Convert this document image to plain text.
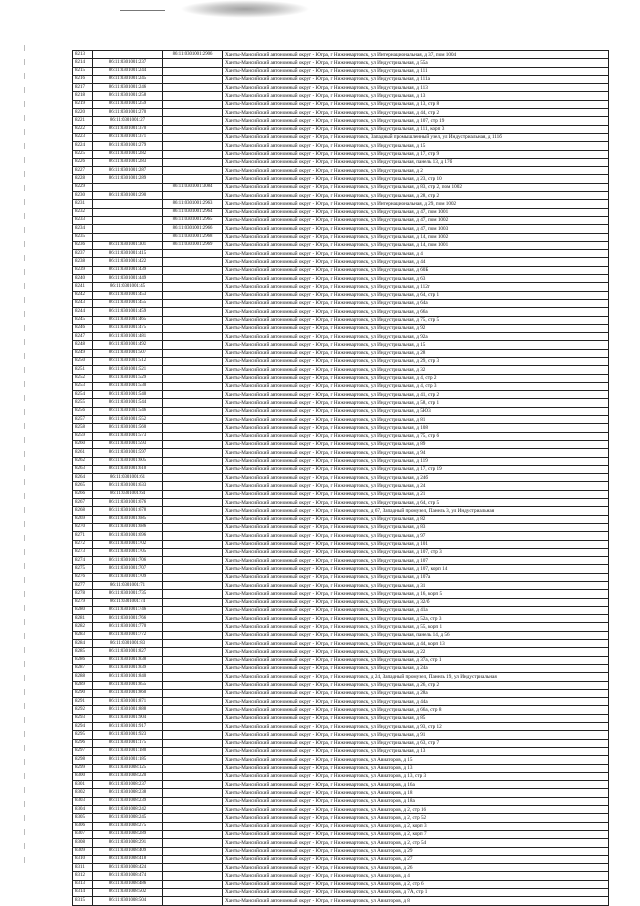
8213		86:11:0301001:2906	Ханты-Мансийский автономный округ - Югра, г Нижневартовск, ул Интернациональная, д 37, пом 1004
8214	86:11:0301001:237		Ханты-Мансийский автономный округ - Югра, г Нижневартовск, ул Индустриальная, д 55а
8215	86:11:0301001:244		Ханты-Мансийский автономный округ - Югра, г Нижневартовск, ул Индустриальная, д 111
8216	86:11:0301001:245		Ханты-Мансийский автономный округ - Югра, г Нижневартовск, ул Индустриальная, д 111а
8217	86:11:0301001:246		Ханты-Мансийский автономный округ - Югра, г Нижневартовск, ул Индустриальная, д 113
8218	86:11:0301001:258		Ханты-Мансийский автономный округ - Югра, г Нижневартовск, ул Индустриальная, д 13
8219	86:11:0301001:259		Ханты-Мансийский автономный округ - Югра, г Нижневартовск, ул Индустриальная, д 13, стр 8
8220	86:11:0301001:270		Ханты-Мансийский автономный округ - Югра, г Нижневартовск, ул Индустриальная, д 44, стр 2
8221	86:11:0301001:27		Ханты-Мансийский автономный округ - Югра, г Нижневартовск, ул Индустриальная, д 107, стр 19
8222	86:11:0301001:370		Ханты-Мансийский автономный округ - Югра, г Нижневартовск, ул Индустриальная, д 111, корп 3
8223	86:11:0301001:371		Ханты-Мансийский автономный округ - Югра, г Нижневартовск, Западный промышленный узел, ул Индустриальная, д 111б
8224	86:11:0301001:279		Ханты-Мансийский автономный округ - Югра, г Нижневартовск, ул Индустриальная, д 15
8225	86:11:0301001:282		Ханты-Мансийский автономный округ - Югра, г Нижневартовск, ул Индустриальная, д 17, стр 9
8226	86:11:0301001:283		Ханты-Мансийский автономный округ - Югра, г Нижневартовск, ул Индустриальная, панель 13, д 17б
8227	86:11:0301001:287		Ханты-Мансийский автономный округ - Югра, г Нижневартовск, ул Индустриальная, д 2
8228	86:11:0301001:289		Ханты-Мансийский автономный округ - Югра, г Нижневартовск, ул Индустриальная, д 23, стр 10
8229		86:11:0301001:3084	Ханты-Мансийский автономный округ - Югра, г Нижневартовск, ул Индустриальная, д 83, стр 2, пом 1002
8230	86:11:0301001:290		Ханты-Мансийский автономный округ - Югра, г Нижневартовск, ул Индустриальная, д 28, стр 2
8231		86:11:0301001:2963	Ханты-Мансийский автономный округ - Югра, г Нижневартовск, ул Интернациональная, д 29, пом 1002
8232		86:11:0301001:2964	Ханты-Мансийский автономный округ - Югра, г Нижневартовск, ул Индустриальная, д 47, пом 1001
8233		86:11:0301001:2965	Ханты-Мансийский автономный округ - Югра, г Нижневартовск, ул Индустриальная, д 47, пом 1002
8234		86:11:0301001:2966	Ханты-Мансийский автономный округ - Югра, г Нижневартовск, ул Индустриальная, д 47, пом 1003
8235		86:11:0301001:2968	Ханты-Мансийский автономный округ - Югра, г Нижневартовск, ул Индустриальная, д 14, пом 1002
8236	86:11:0301001:301	86:11:0301001:2969	Ханты-Мансийский автономный округ - Югра, г Нижневартовск, ул Индустриальная, д 14, пом 1001
8237	86:11:0301001:415		Ханты-Мансийский автономный округ - Югра, г Нижневартовск, ул Индустриальная, д 4
8238	86:11:0301001:422		Ханты-Мансийский автономный округ - Югра, г Нижневартовск, ул Индустриальная, д 44
8239	86:11:0301001:439		Ханты-Мансийский автономный округ - Югра, г Нижневартовск, ул Индустриальная, д 60Б
8240	86:11:0301001:449		Ханты-Мансийский автономный округ - Югра, г Нижневартовск, ул Индустриальная, д 63
8241	86:11:0301001:45		Ханты-Мансийский автономный округ - Югра, г Нижневартовск, ул Индустриальная, д 112г
8242	86:11:0301001:453		Ханты-Мансийский автономный округ - Югра, г Нижневартовск, ул Индустриальная, д 64, стр 1
8243	86:11:0301001:455		Ханты-Мансийский автономный округ - Югра, г Нижневартовск, ул Индустриальная, д 64а
8244	86:11:0301001:459		Ханты-Мансийский автономный округ - Югра, г Нижневартовск, ул Индустриальная, д 66а
8245	86:11:0301001:465		Ханты-Мансийский автономный округ - Югра, г Нижневартовск, ул Индустриальная, д 75, стр 5
8246	86:11:0301001:475		Ханты-Мансийский автономный округ - Югра, г Нижневартовск, ул Индустриальная, д 92
8247	86:11:0301001:481		Ханты-Мансийский автономный округ - Югра, г Нижневартовск, ул Индустриальная, д 92а
8248	86:11:0301001:492		Ханты-Мансийский автономный округ - Югра, г Нижневартовск, ул Индустриальная, д 15
8249	86:11:0301001:507		Ханты-Мансийский автономный округ - Югра, г Нижневартовск, ул Индустриальная, д 28
8250	86:11:0301001:512		Ханты-Мансийский автономный округ - Югра, г Нижневартовск, ул Индустриальная, д 29, стр 3
8251	86:11:0301001:521		Ханты-Мансийский автономный округ - Югра, г Нижневартовск, ул Индустриальная, д 32
8252	86:11:0301001:529		Ханты-Мансийский автономный округ - Югра, г Нижневартовск, ул Индустриальная, д 4, стр 2
8253	86:11:0301001:530		Ханты-Мансийский автономный округ - Югра, г Нижневартовск, ул Индустриальная, д 4, стр 3
8254	86:11:0301001:540		Ханты-Мансийский автономный округ - Югра, г Нижневартовск, ул Индустриальная, д 41, стр 2
8255	86:11:0301001:544		Ханты-Мансийский автономный округ - Югра, г Нижневартовск, ул Индустриальная, д 58, стр 1
8256	86:11:0301001:546		Ханты-Мансийский автономный округ - Югра, г Нижневартовск, ул Индустриальная, д 5Ю3
8257	86:11:0301001:552		Ханты-Мансийский автономный округ - Югра, г Нижневартовск, ул Индустриальная, д 81
8258	86:11:0301001:560		Ханты-Мансийский автономный округ - Югра, г Нижневартовск, ул Индустриальная, д 108
8259	86:11:0301001:573		Ханты-Мансийский автономный округ - Югра, г Нижневартовск, ул Индустриальная, д 75, стр 6
8260	86:11:0301001:593		Ханты-Мансийский автономный округ - Югра, г Нижневартовск, ул Индустриальная, д 89
8261	86:11:0301001:597		Ханты-Мансийский автономный округ - Югра, г Нижневартовск, ул Индустриальная, д 94
8262	86:11:0301001:605		Ханты-Мансийский автономный округ - Югра, г Нижневартовск, ул Индустриальная, д 119
8263	86:11:0301001:610		Ханты-Мансийский автономный округ - Югра, г Нижневартовск, ул Индустриальная, д 17, стр 19
8264	86:11:0301001:61		Ханты-Мансийский автономный округ - Югра, г Нижневартовск, ул Индустриальная, д 24б
8265	86:11:0301001:633		Ханты-Мансийский автономный округ - Югра, г Нижневартовск, ул Индустриальная, д 24
8266	86:11:0301001:64		Ханты-Мансийский автономный округ - Югра, г Нижневартовск, ул Индустриальная, д 21
8267	86:11:0301001:676		Ханты-Мансийский автономный округ - Югра, г Нижневартовск, ул Индустриальная, д 64, стр 5
8268	86:11:0301001:678		Ханты-Мансийский автономный округ - Югра, г Нижневартовск, д 67, Западный промузел, Панель 3, ул Индустриальная
8269	86:11:0301001:685		Ханты-Мансийский автономный округ - Югра, г Нижневартовск, ул Индустриальная, д 82
8270	86:11:0301001:686		Ханты-Мансийский автономный округ - Югра, г Нижневартовск, ул Индустриальная, д 83
8271	86:11:0301001:696		Ханты-Мансийский автономный округ - Югра, г Нижневартовск, ул Индустриальная, д 97
8272	86:11:0301001:702		Ханты-Мансийский автономный округ - Югра, г Нижневартовск, ул Индустриальная, д 101
8273	86:11:0301001:705		Ханты-Мансийский автономный округ - Югра, г Нижневартовск, ул Индустриальная, д 107, стр 3
8274	86:11:0301001:706		Ханты-Мансийский автономный округ - Югра, г Нижневартовск, ул Индустриальная, д 107
8275	86:11:0301001:707		Ханты-Мансийский автономный округ - Югра, г Нижневартовск, ул Индустриальная, д 107, корп 14
8276	86:11:0301001:709		Ханты-Мансийский автономный округ - Югра, г Нижневартовск, ул Индустриальная, д 107а
8277	86:11:0301001:71		Ханты-Мансийский автономный округ - Югра, г Нижневартовск, ул Индустриальная, д 31
8278	86:11:0301001:735		Ханты-Мансийский автономный округ - Югра, г Нижневартовск, ул Индустриальная, д 16, корп 5
8279	86:11:0301001:74		Ханты-Мансийский автономный округ - Югра, г Нижневартовск, ул Индустриальная, д 32/б
8280	86:11:0301001:746		Ханты-Мансийский автономный округ - Югра, г Нижневартовск, ул Индустриальная, д 41а
8281	86:11:0301001:766		Ханты-Мансийский автономный округ - Югра, г Нижневартовск, ул Индустриальная, д 52а, стр 3
8282	86:11:0301001:770		Ханты-Мансийский автономный округ - Югра, г Нижневартовск, ул Индустриальная, д 55, корп 1
8283	86:11:0301001:772		Ханты-Мансийский автономный округ - Югра, г Нижневартовск, ул Индустриальная, панель 14, д 56
8284	86:11:0301001:83		Ханты-Мансийский автономный округ - Югра, г Нижневартовск, ул Индустриальная, д 44, корп 13
8285	86:11:0301001:827		Ханты-Мансийский автономный округ - Югра, г Нижневартовск, ул Индустриальная, д 22
8286	86:11:0301001:838		Ханты-Мансийский автономный округ - Югра, г Нижневартовск, ул Индустриальная, д 37а, стр 1
8287	86:11:0301001:839		Ханты-Мансийский автономный округ - Югра, г Нижневартовск, ул Индустриальная, д 24а
8288	86:11:0301001:840		Ханты-Мансийский автономный округ - Югра, г Нижневартовск, д 24, Западный промузел, Панель 19, ул Индустриальная
8289	86:11:0301001:855		Ханты-Мансийский автономный округ - Югра, г Нижневартовск, ул Индустриальная, д 26, стр 2
8290	86:11:0301001:860		Ханты-Мансийский автономный округ - Югра, г Нижневартовск, ул Индустриальная, д 28а
8291	86:11:0301001:871		Ханты-Мансийский автономный округ - Югра, г Нижневартовск, ул Индустриальная, д 44а
8292	86:11:0301001:888		Ханты-Мансийский автономный округ - Югра, г Нижневартовск, ул Индустриальная, д 66а, стр 8
8293	86:11:0301001:904		Ханты-Мансийский автономный округ - Югра, г Нижневартовск, ул Индустриальная, д 85
8294	86:11:0301001:917		Ханты-Мансийский автономный округ - Югра, г Нижневартовск, ул Индустриальная, д 93, стр 12
8295	86:11:0301001:923		Ханты-Мансийский автономный округ - Югра, г Нижневартовск, ул Индустриальная, д 91
8296	86:11:0301001:175		Ханты-Мансийский автономный округ - Югра, г Нижневартовск, ул Индустриальная, д 63, стр 7
8297	86:11:0301001:180		Ханты-Мансийский автономный округ - Югра, г Нижневартовск, ул Индустриальная, д 13
8298	86:11:0301001:185		Ханты-Мансийский автономный округ - Югра, г Нижневартовск, ул Авиаторов, д 15
8299	86:11:0301008:125		Ханты-Мансийский автономный округ - Югра, г Нижневартовск, ул Авиаторов, д 13
8300	86:11:0301008:220		Ханты-Мансийский автономный округ - Югра, г Нижневартовск, ул Авиаторов, д 13, стр 3
8301	86:11:0301008:237		Ханты-Мансийский автономный округ - Югра, г Нижневартовск, ул Авиаторов, д 16а
8302	86:11:0301008:238		Ханты-Мансийский автономный округ - Югра, г Нижневартовск, ул Авиаторов, д 18
8303	86:11:0301008:239		Ханты-Мансийский автономный округ - Югра, г Нижневартовск, ул Авиаторов, д 18а
8304	86:11:0301008:242		Ханты-Мансийский автономный округ - Югра, г Нижневартовск, ул Авиаторов, д 2, стр 16
8305	86:11:0301008:245		Ханты-Мансийский автономный округ - Югра, г Нижневартовск, ул Авиаторов, д 2, стр 52
8306	86:11:0301008:275		Ханты-Мансийский автономный округ - Югра, г Нижневартовск, ул Авиаторов, д 2, корп 3
8307	86:11:0301008:289		Ханты-Мансийский автономный округ - Югра, г Нижневартовск, ул Авиаторов, д 2, корп 7
8308	86:11:0301008:291		Ханты-Мансийский автономный округ - Югра, г Нижневартовск, ул Авиаторов, д 2, стр 54
8309	86:11:0301008:409		Ханты-Мансийский автономный округ - Югра, г Нижневартовск, ул Авиаторов, д 29
8310	86:11:0301008:418		Ханты-Мансийский автономный округ - Югра, г Нижневартовск, ул Авиаторов, д 27
8311	86:11:0301008:424		Ханты-Мансийский автономный округ - Югра, г Нижневартовск, ул Авиаторов, д 26
8312	86:11:0301008:474		Ханты-Мансийский автономный округ - Югра, г Нижневартовск, ул Авиаторов, д 4
8313	86:11:0301008:486		Ханты-Мансийский автономный округ - Югра, г Нижневартовск, ул Авиаторов, д 2, стр 6
8314	86:11:0301008:502		Ханты-Мансийский автономный округ - Югра, г Нижневартовск, ул Авиаторов, д 7А, стр 1
8315	86:11:0301008:504		Ханты-Мансийский автономный округ - Югра, г Нижневартовск, ул Авиаторов, д 8
